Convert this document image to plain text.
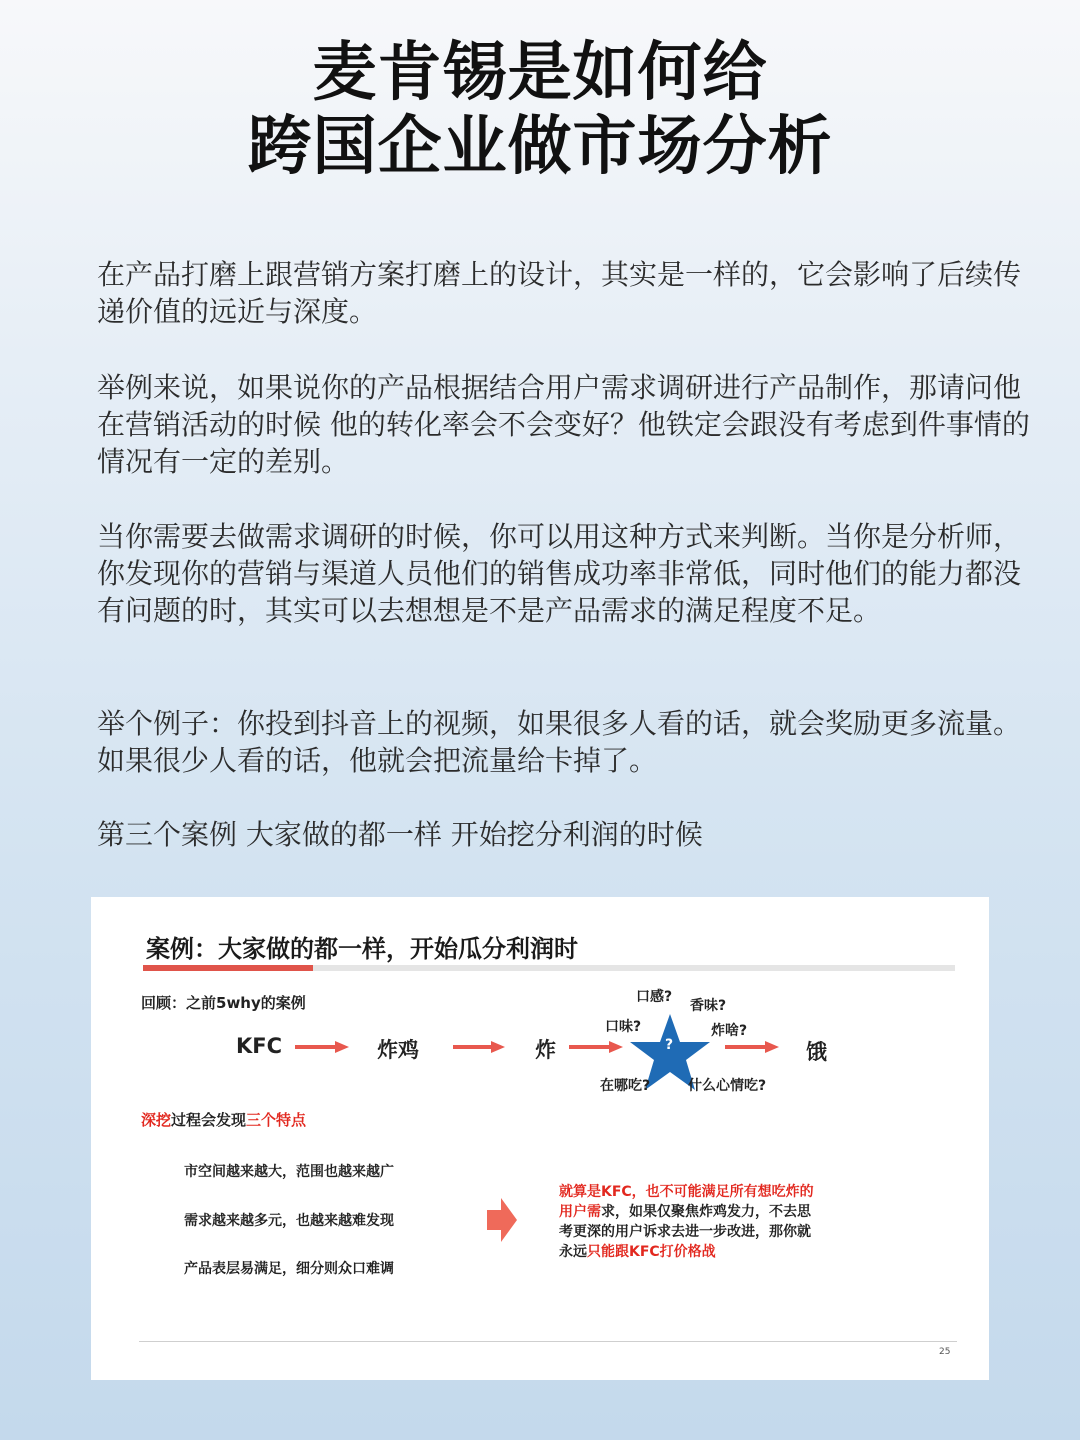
麦肯锡是如何给
跨国企业做市场分析

在产品打磨上跟营销方案打磨上的设计，其实是一样的，它会影响了后续传递价值的远近与深度。

举例来说，如果说你的产品根据结合用户需求调研进行产品制作，那请问他在营销活动的时候 他的转化率会不会变好？他铁定会跟没有考虑到件事情的情况有一定的差别。

当你需要去做需求调研的时候，你可以用这种方式来判断。当你是分析师， 你发现你的营销与渠道人员他们的销售成功率非常低，同时他们的能力都没有问题的时，其实可以去想想是不是产品需求的满足程度不足。

举个例子：你投到抖音上的视频，如果很多人看的话，就会奖励更多流量。如果很少人看的话，他就会把流量给卡掉了。

第三个案例 大家做的都一样 开始挖分利润的时候

案例：大家做的都一样，开始瓜分利润时
回顾：之前5why的案例
KFC	炸鸡	炸	?
口感?
香味?
口味?	炸啥?
在哪吃?	什么心情吃?
饿
深挖过程会发现三个特点
市空间越来越大，范围也越来越广
需求越来越多元，也越来越难发现
产品表层易满足，细分则众口难调
就算是KFC，也不可能满足所有想吃炸的
用户需求，如果仅聚焦炸鸡发力，不去思
考更深的用户诉求去进一步改进，那你就
永远只能跟KFC打价格战
25
